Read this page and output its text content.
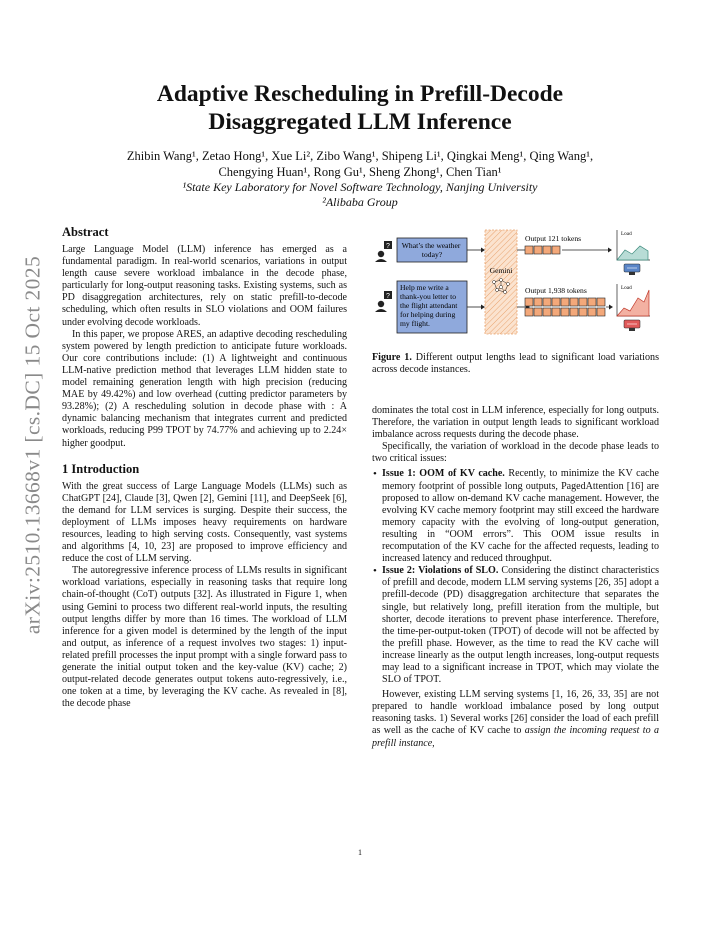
arXiv:2510.13668v1 [cs.DC] 15 Oct 2025
Adaptive Rescheduling in Prefill-Decode
Disaggregated LLM Inference
Zhibin Wang¹, Zetao Hong¹, Xue Li², Zibo Wang¹, Shipeng Li¹, Qingkai Meng¹, Qing Wang¹,
Chengying Huan¹, Rong Gu¹, Sheng Zhong¹, Chen Tian¹
¹State Key Laboratory for Novel Software Technology, Nanjing University
²Alibaba Group
Abstract

Large Language Model (LLM) inference has emerged as a fundamental paradigm. In real-world scenarios, variations in output length cause severe workload imbalance in the decode phase, particularly for long-output reasoning tasks. Existing systems, such as PD disaggregation architectures, rely on static prefill-to-decode scheduling, which often results in SLO violations and OOM failures under evolving decode workloads.

In this paper, we propose ARES, an adaptive decoding rescheduling system powered by length prediction to anticipate future workloads. Our core contributions include: (1) A lightweight and continuous LLM-native prediction method that leverages LLM hidden state to model remaining generation length with high precision (reducing MAE by 49.42%) and low overhead (cutting predictor parameters by 93.28%); (2) A rescheduling solution in decode phase with : A dynamic balancing mechanism that integrates current and predicted workloads, reducing P99 TPOT by 74.77% and achieving up to 2.24× higher goodput.

1 Introduction

With the great success of Large Language Models (LLMs) such as ChatGPT [24], Claude [3], Qwen [2], Gemini [11], and DeepSeek [6], the demand for LLM services is surging. Despite their success, the deployment of LLMs imposes heavy requirements on hardware resources, leading to high serving costs. Consequently, vast systems and algorithms [4, 10, 23] are proposed to improve efficiency and reduce the cost of LLM serving.

The autoregressive inference process of LLMs results in significant workload variations, especially in reasoning tasks that require long chain-of-thought (CoT) outputs [32]. As illustrated in Figure 1, when using Gemini to process two different real-world inputs, the resulting output lengths differ by more than 16 times. The workload of LLM inference for a given model is determined by the length of the input and output, as inference of a request involves two stages: 1) input-related prefill processes the input prompt with a single forward pass to generate the initial output token and the key-value (KV) cache; 2) output-related decode generates output tokens auto-regressively, i.e., one token at a time, by leveraging the KV cache. As revealed in [8], the decode phase

?
?
What’s the weather today?
Help me write a thank-you letter to the flight attendant for helping during my flight.
Gemini
Output 121 tokens
Output 1,938 tokens
Load
Load
Figure 1. Different output lengths lead to significant load variations across decode instances.

dominates the total cost in LLM inference, especially for long outputs. Therefore, the variation in output length leads to significant workload imbalance across requests during the decode phase.

Specifically, the variation of workload in the decode phase leads to two critical issues:

• Issue 1: OOM of KV cache. Recently, to minimize the KV cache memory footprint of possible long outputs, PagedAttention [16] are proposed to allow on-demand KV cache management. However, the evolving KV cache memory footprint may still exceed the hardware memory capacity with the evolving of long-output generation, resulting in “OOM errors”. This OOM issue results in recomputation of the KV cache for the affected requests, leading to increased latency and reduced throughput.
• Issue 2: Violations of SLO. Considering the distinct characteristics of prefill and decode, modern LLM serving systems [26, 35] adopt a prefill-decode (PD) disaggregation architecture that separates the single, but relatively long, prefill iteration from the multiple, but shorter, decode iterations to prevent phase interference. Therefore, the time-per-output-token (TPOT) of decode will not be affected by the prefill phase. However, as the time to read the KV cache will increase linearly as the output length increases, long-output requests may lead to a significant increase in TPOT, which may violate the SLO of TPOT.

However, existing LLM serving systems [1, 16, 26, 33, 35] are not prepared to handle workload imbalance posed by long output reasoning tasks. 1) Several works [26] consider the load of each prefill as well as the cache of KV cache to assign the incoming request to a prefill instance,

1
